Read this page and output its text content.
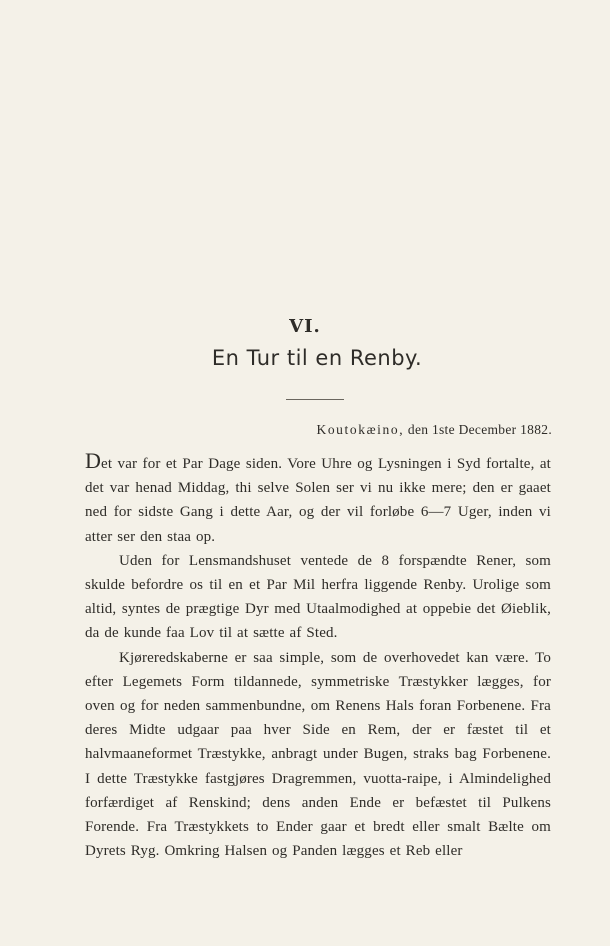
VI.
En Tur til en Renby.

Koutokæino, den 1ste December 1882.

Det var for et Par Dage siden. Vore Uhre og Lysningen i Syd fortalte, at det var henad Middag, thi selve Solen ser vi nu ikke mere; den er gaaet ned for sidste Gang i dette Aar, og der vil forløbe 6—7 Uger, inden vi atter ser den staa op.

Uden for Lensmandshuset ventede de 8 forspændte Rener, som skulde befordre os til en et Par Mil herfra liggende Renby. Urolige som altid, syntes de prægtige Dyr med Utaalmodighed at oppebie det Øieblik, da de kunde faa Lov til at sætte af Sted.

Kjøreredskaberne er saa simple, som de overhovedet kan være. To efter Legemets Form tildannede, symmetriske Træstykker lægges, for oven og for neden sammenbundne, om Renens Hals foran Forbenene. Fra deres Midte udgaar paa hver Side en Rem, der er fæstet til et halvmaaneformet Træstykke, anbragt under Bugen, straks bag Forbenene. I dette Træstykke fastgjøres Dragremmen, vuotta-raipe, i Almindelighed forfærdiget af Renskind; dens anden Ende er befæstet til Pulkens Forende. Fra Træstykkets to Ender gaar et bredt eller smalt Bælte om Dyrets Ryg. Omkring Halsen og Panden lægges et Reb eller
